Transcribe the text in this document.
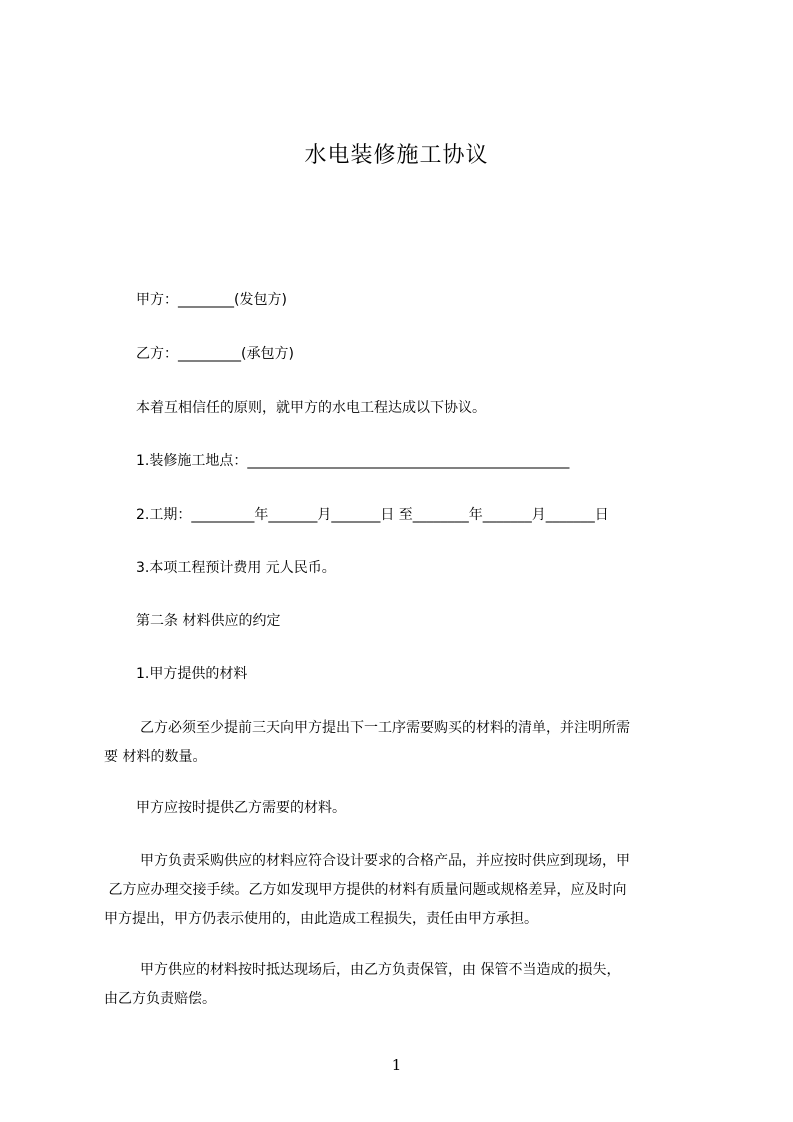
水电装修施工协议
甲方：________(发包方)
乙方：_________(承包方)
本着互相信任的原则，就甲方的水电工程达成以下协议。
1.装修施工地点：______________________________________________
2.工期：_________年_______月_______日 至________年_______月_______日
3.本项工程预计费用 元人民币。
第二条 材料供应的约定
1.甲方提供的材料
乙方必须至少提前三天向甲方提出下一工序需要购买的材料的清单，并注明所需
要 材料的数量。
甲方应按时提供乙方需要的材料。
甲方负责采购供应的材料应符合设计要求的合格产品，并应按时供应到现场，甲
乙方应办理交接手续。乙方如发现甲方提供的材料有质量问题或规格差异，应及时向
甲方提出，甲方仍表示使用的，由此造成工程损失，责任由甲方承担。
甲方供应的材料按时抵达现场后，由乙方负责保管，由 保管不当造成的损失，
由乙方负责赔偿。
1
